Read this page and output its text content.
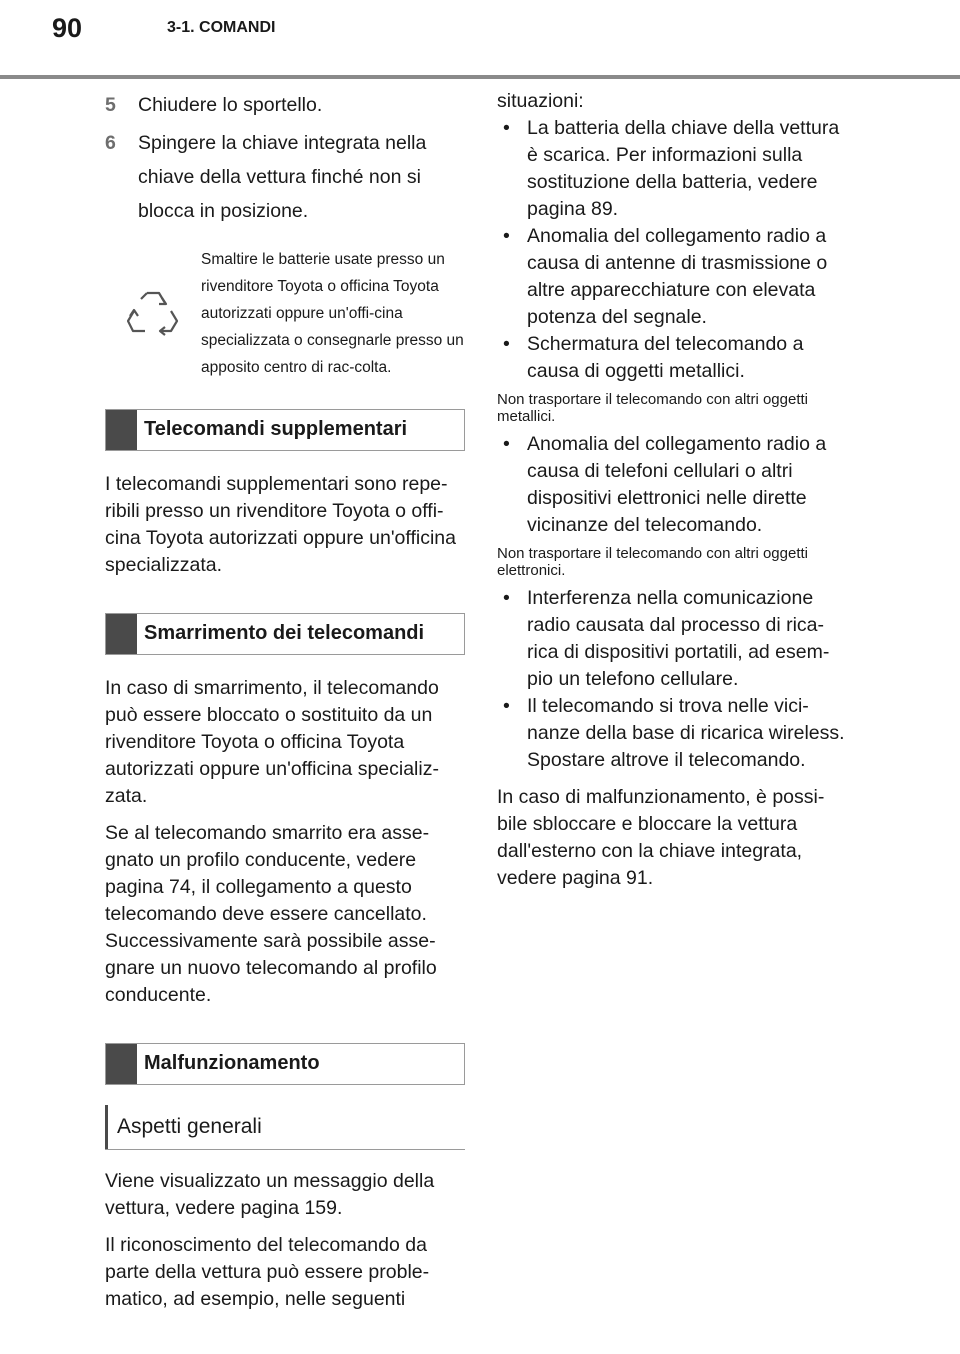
90	3-1. COMANDI
5	Chiudere lo sportello.
6	Spingere la chiave integrata nella chiave della vettura finché non si blocca in posizione.

Smaltire le batterie usate presso un rivenditore Toyota o officina Toyota autorizzati oppure un'offi-cina specializzata o consegnarle presso un apposito centro di rac-colta.

Telecomandi supplementari

I telecomandi supplementari sono repe-ribili presso un rivenditore Toyota o offi-cina Toyota autorizzati oppure un'officina specializzata.

Smarrimento dei telecomandi

In caso di smarrimento, il telecomando può essere bloccato o sostituito da un rivenditore Toyota o officina Toyota autorizzati oppure un'officina specializ-zata.

Se al telecomando smarrito era asse-gnato un profilo conducente, vedere pagina 74, il collegamento a questo telecomando deve essere cancellato. Successivamente sarà possibile asse-gnare un nuovo telecomando al profilo conducente.

Malfunzionamento
Aspetti generali

Viene visualizzato un messaggio della vettura, vedere pagina 159.

Il riconoscimento del telecomando da parte della vettura può essere proble-matico, ad esempio, nelle seguenti

situazioni:

• La batteria della chiave della vettura è scarica. Per informazioni sulla sostituzione della batteria, vedere pagina 89.
• Anomalia del collegamento radio a causa di antenne di trasmissione o altre apparecchiature con elevata potenza del segnale.
• Schermatura del telecomando a causa di oggetti metallici.

Non trasportare il telecomando con altri oggetti metallici.

• Anomalia del collegamento radio a causa di telefoni cellulari o altri dispositivi elettronici nelle dirette vicinanze del telecomando.

Non trasportare il telecomando con altri oggetti elettronici.

• Interferenza nella comunicazione radio causata dal processo di rica-rica di dispositivi portatili, ad esem-pio un telefono cellulare.
• Il telecomando si trova nelle vici-nanze della base di ricarica wireless. Spostare altrove il telecomando.

In caso di malfunzionamento, è possi-bile sbloccare e bloccare la vettura dall'esterno con la chiave integrata, vedere pagina 91.
